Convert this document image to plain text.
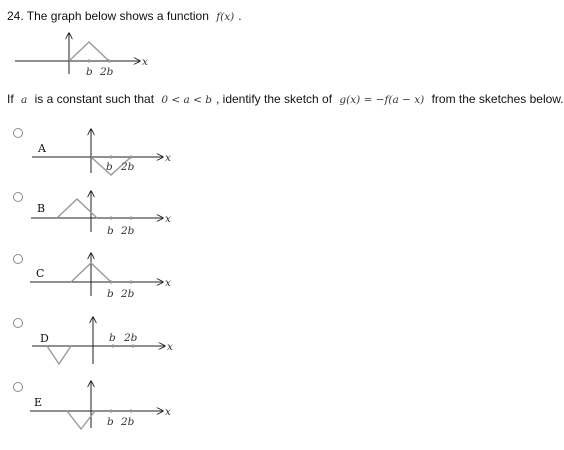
24. The graph below shows a function f(x) .
b 2b
x
If a is a constant such that 0 < a < b , identify the sketch of g(x) = −f(a − x) from the sketches below.
A
b 2b
x
B
b 2b
x
C
b 2b
x
D	b 2b
x
E
b 2b
x
